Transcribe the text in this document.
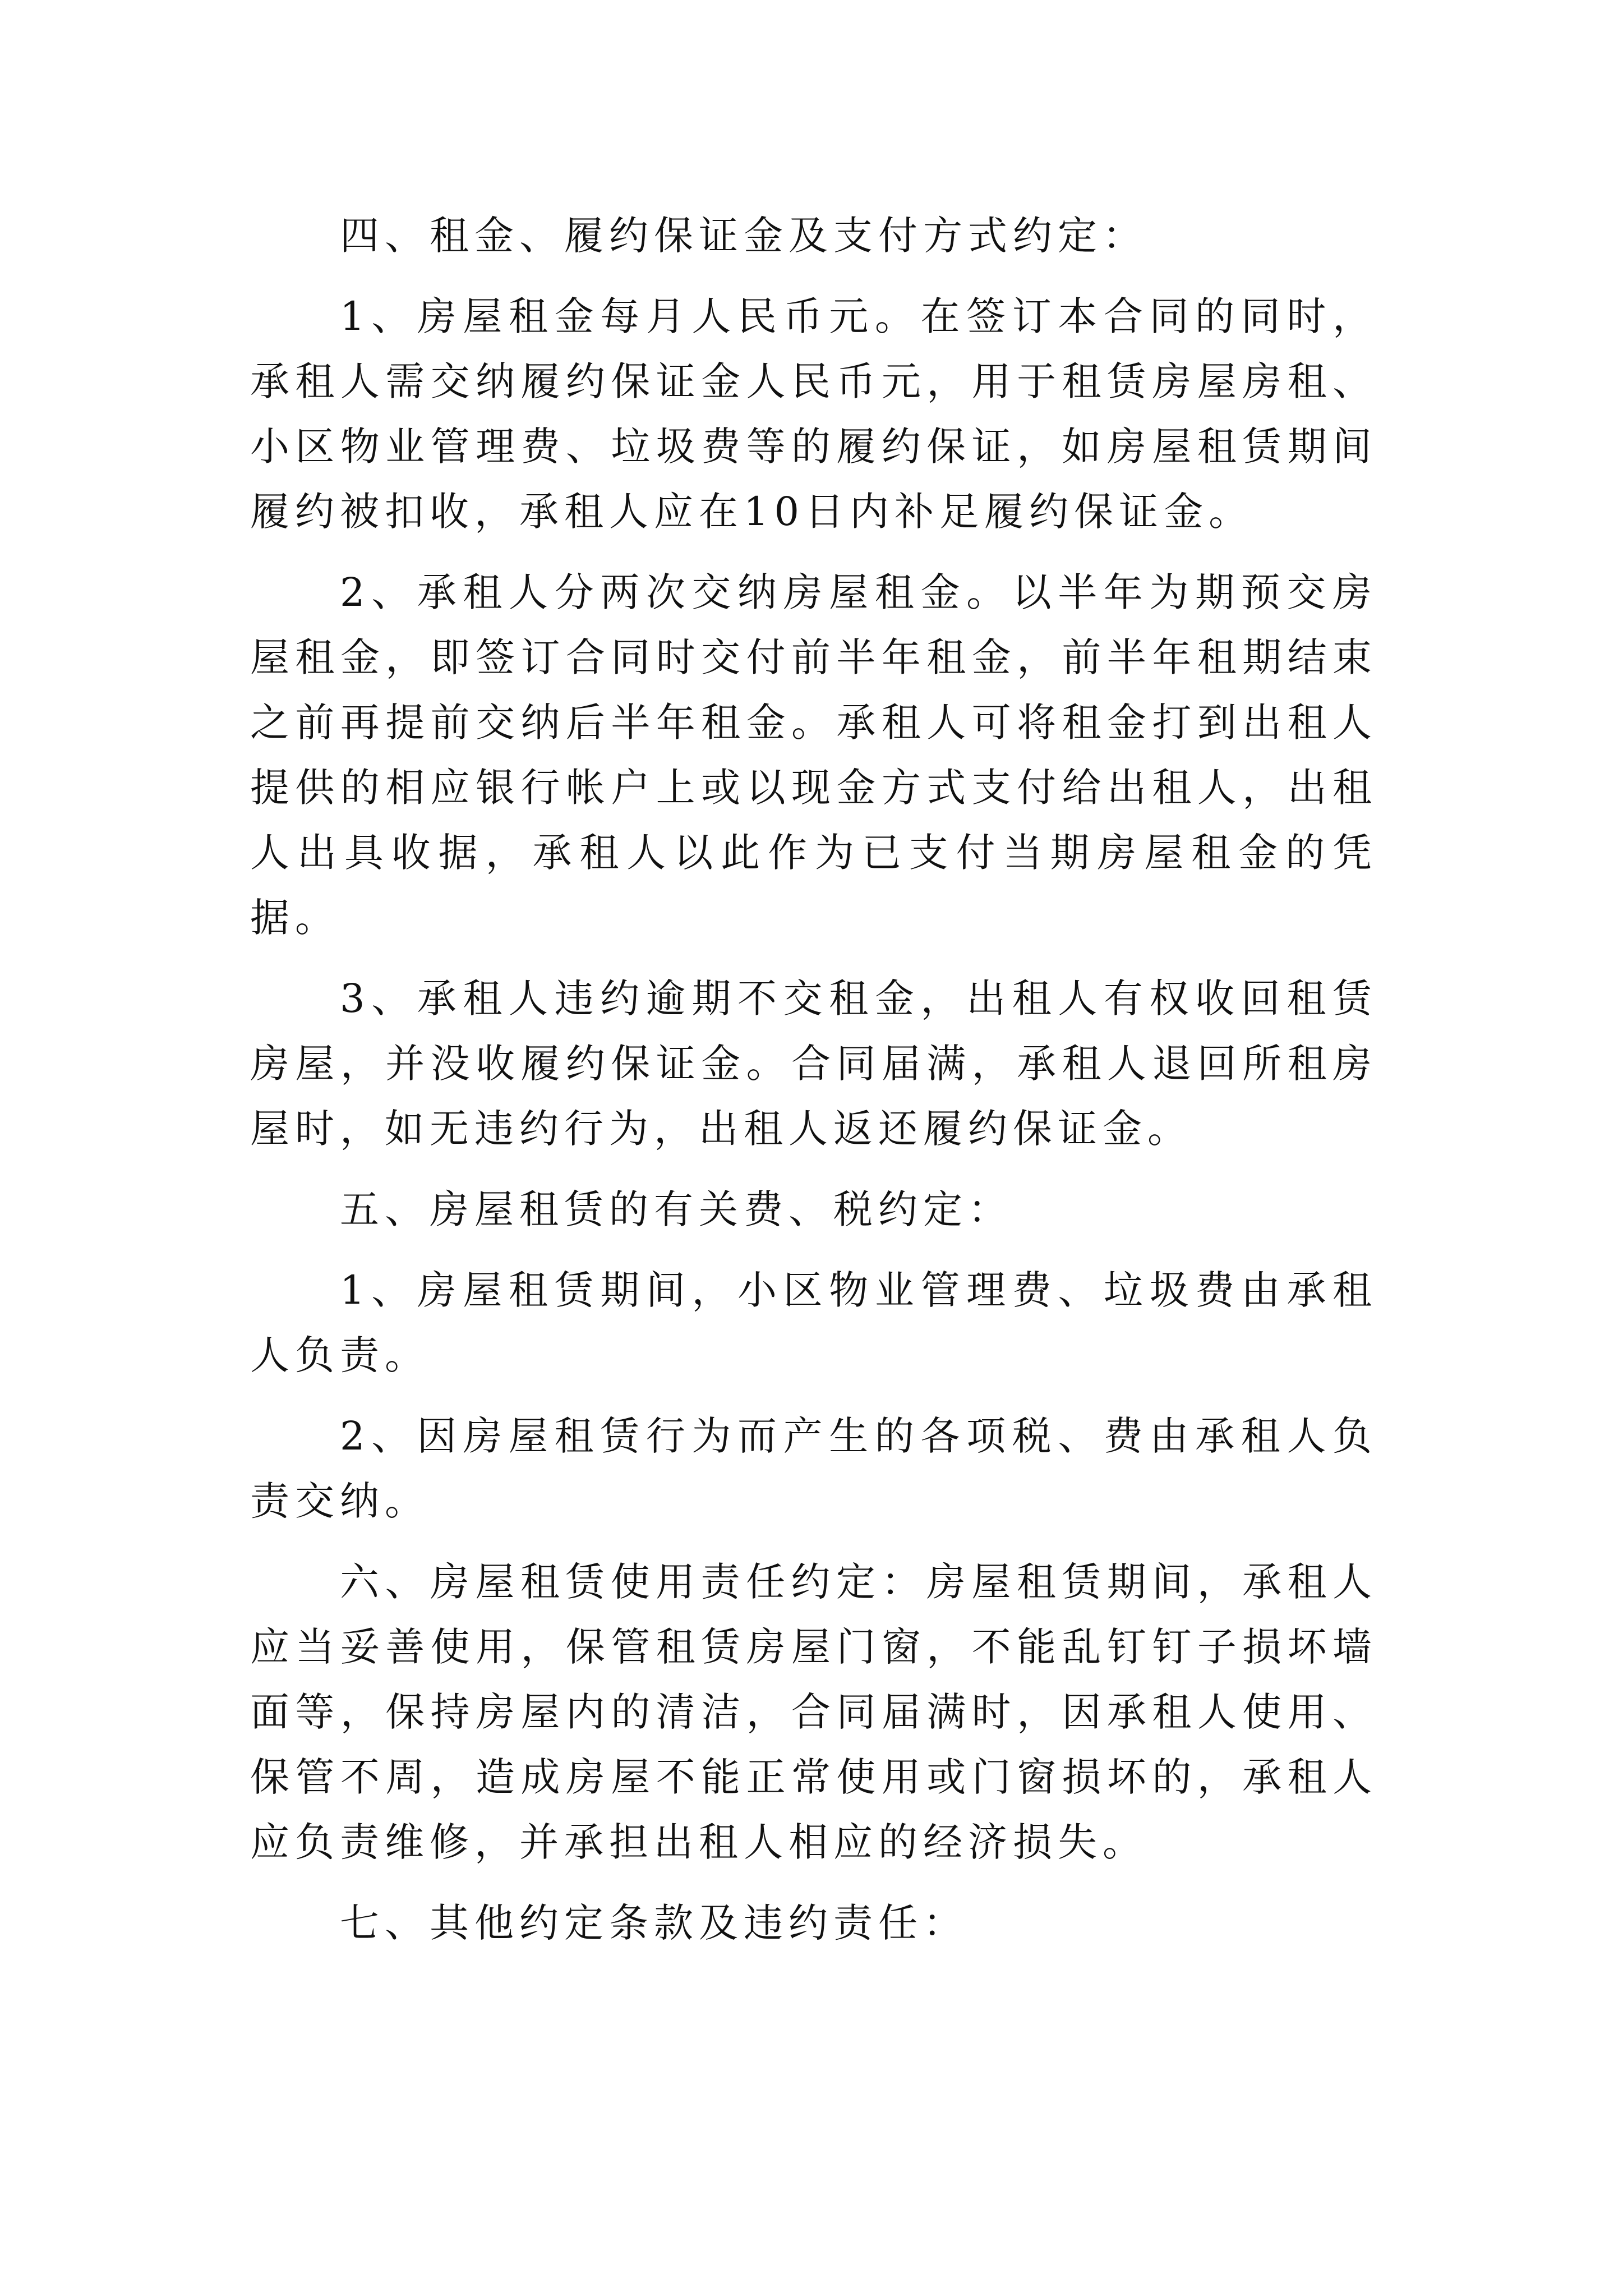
四、租金、履约保证金及支付方式约定：

1、房屋租金每月人民币元。在签订本合同的同时，承租人需交纳履约保证金人民币元，用于租赁房屋房租、小区物业管理费、垃圾费等的履约保证，如房屋租赁期间履约被扣收，承租人应在10日内补足履约保证金。

2、承租人分两次交纳房屋租金。以半年为期预交房屋租金，即签订合同时交付前半年租金，前半年租期结束之前再提前交纳后半年租金。承租人可将租金打到出租人提供的相应银行帐户上或以现金方式支付给出租人，出租人出具收据，承租人以此作为已支付当期房屋租金的凭据。

3、承租人违约逾期不交租金，出租人有权收回租赁房屋，并没收履约保证金。合同届满，承租人退回所租房屋时，如无违约行为，出租人返还履约保证金。

五、房屋租赁的有关费、税约定：

1、房屋租赁期间，小区物业管理费、垃圾费由承租人负责。

2、因房屋租赁行为而产生的各项税、费由承租人负责交纳。

六、房屋租赁使用责任约定：房屋租赁期间，承租人应当妥善使用，保管租赁房屋门窗，不能乱钉钉子损坏墙面等，保持房屋内的清洁，合同届满时，因承租人使用、保管不周，造成房屋不能正常使用或门窗损坏的，承租人应负责维修，并承担出租人相应的经济损失。

七、其他约定条款及违约责任：
